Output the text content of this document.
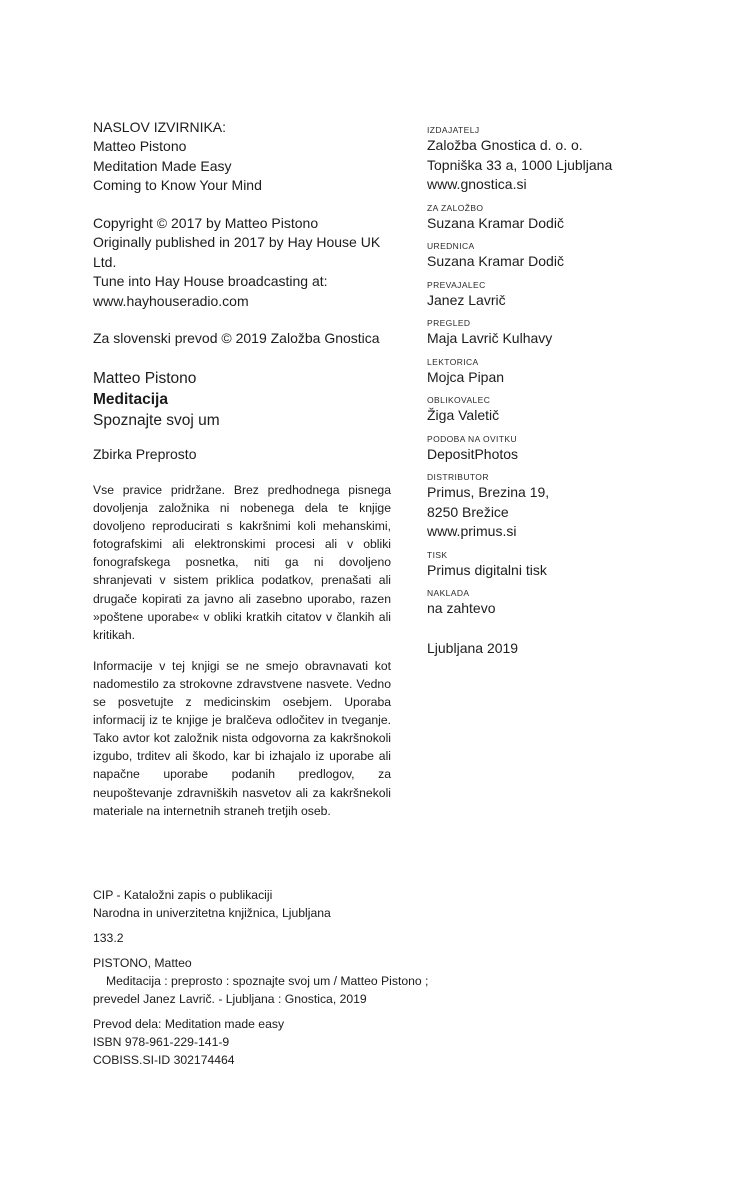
NASLOV IZVIRNIKA:
Matteo Pistono
Meditation Made Easy
Coming to Know Your Mind
Copyright © 2017 by Matteo Pistono
Originally published in 2017 by Hay House UK Ltd.
Tune into Hay House broadcasting at:
www.hayhouseradio.com
Za slovenski prevod © 2019 Založba Gnostica
Matteo Pistono
Meditacija
Spoznajte svoj um
Zbirka Preprosto
Vse pravice pridržane. Brez predhodnega pisnega dovoljenja založnika ni nobenega dela te knjige dovoljeno reproducirati s kakršnimi koli mehanskimi, fotografskimi ali elektronskimi procesi ali v obliki fonografskega posnetka, niti ga ni dovoljeno shranjevati v sistem priklica podatkov, prenašati ali drugače kopirati za javno ali zasebno uporabo, razen »poštene uporabe« v obliki kratkih citatov v člankih ali kritikah.
Informacije v tej knjigi se ne smejo obravnavati kot nadomestilo za strokovne zdravstvene nasvete. Vedno se posvetujte z medicinskim osebjem. Uporaba informacij iz te knjige je bralčeva odločitev in tveganje. Tako avtor kot založnik nista odgovorna za kakršnokoli izgubo, trditev ali škodo, kar bi izhajalo iz uporabe ali napačne uporabe podanih predlogov, za neupoštevanje zdravniških nasvetov ali za kakršnekoli materiale na internetnih straneh tretjih oseb.
IZDAJATELJ
Založba Gnostica d. o. o.
Topniška 33 a, 1000 Ljubljana
www.gnostica.si
ZA ZALOŽBO
Suzana Kramar Dodič
UREDNICA
Suzana Kramar Dodič
PREVAJALEC
Janez Lavrič
PREGLED
Maja Lavrič Kulhavy
LEKTORICA
Mojca Pipan
OBLIKOVALEC
Žiga Valetič
PODOBA NA OVITKU
DepositPhotos
DISTRIBUTOR
Primus, Brezina 19,
8250 Brežice
www.primus.si
TISK
Primus digitalni tisk
NAKLADA
na zahtevo
Ljubljana 2019
CIP - Kataložni zapis o publikaciji
Narodna in univerzitetna knjižnica, Ljubljana
133.2
PISTONO, Matteo
Meditacija : preprosto : spoznajte svoj um / Matteo Pistono ;
prevedel Janez Lavrič. - Ljubljana : Gnostica, 2019
Prevod dela: Meditation made easy
ISBN 978-961-229-141-9
COBISS.SI-ID 302174464
